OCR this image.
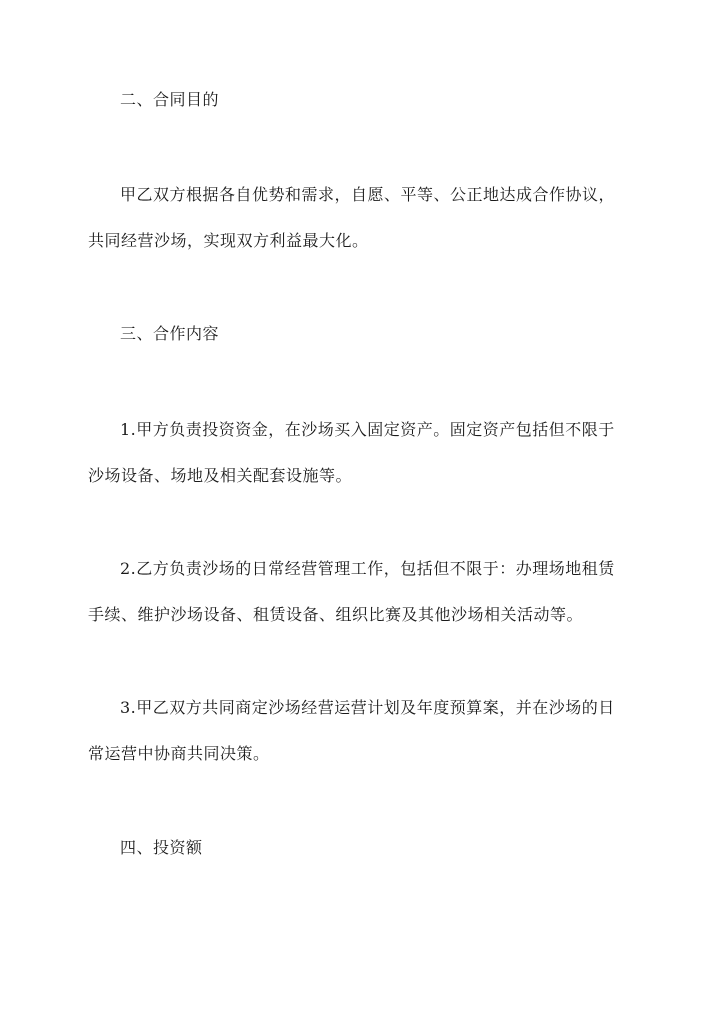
二、合同目的
甲乙双方根据各自优势和需求，自愿、平等、公正地达成合作协议，
共同经营沙场，实现双方利益最大化。
三、合作内容
1.甲方负责投资资金，在沙场买入固定资产。固定资产包括但不限于
沙场设备、场地及相关配套设施等。
2.乙方负责沙场的日常经营管理工作，包括但不限于：办理场地租赁
手续、维护沙场设备、租赁设备、组织比赛及其他沙场相关活动等。
3.甲乙双方共同商定沙场经营运营计划及年度预算案，并在沙场的日
常运营中协商共同决策。
四、投资额
